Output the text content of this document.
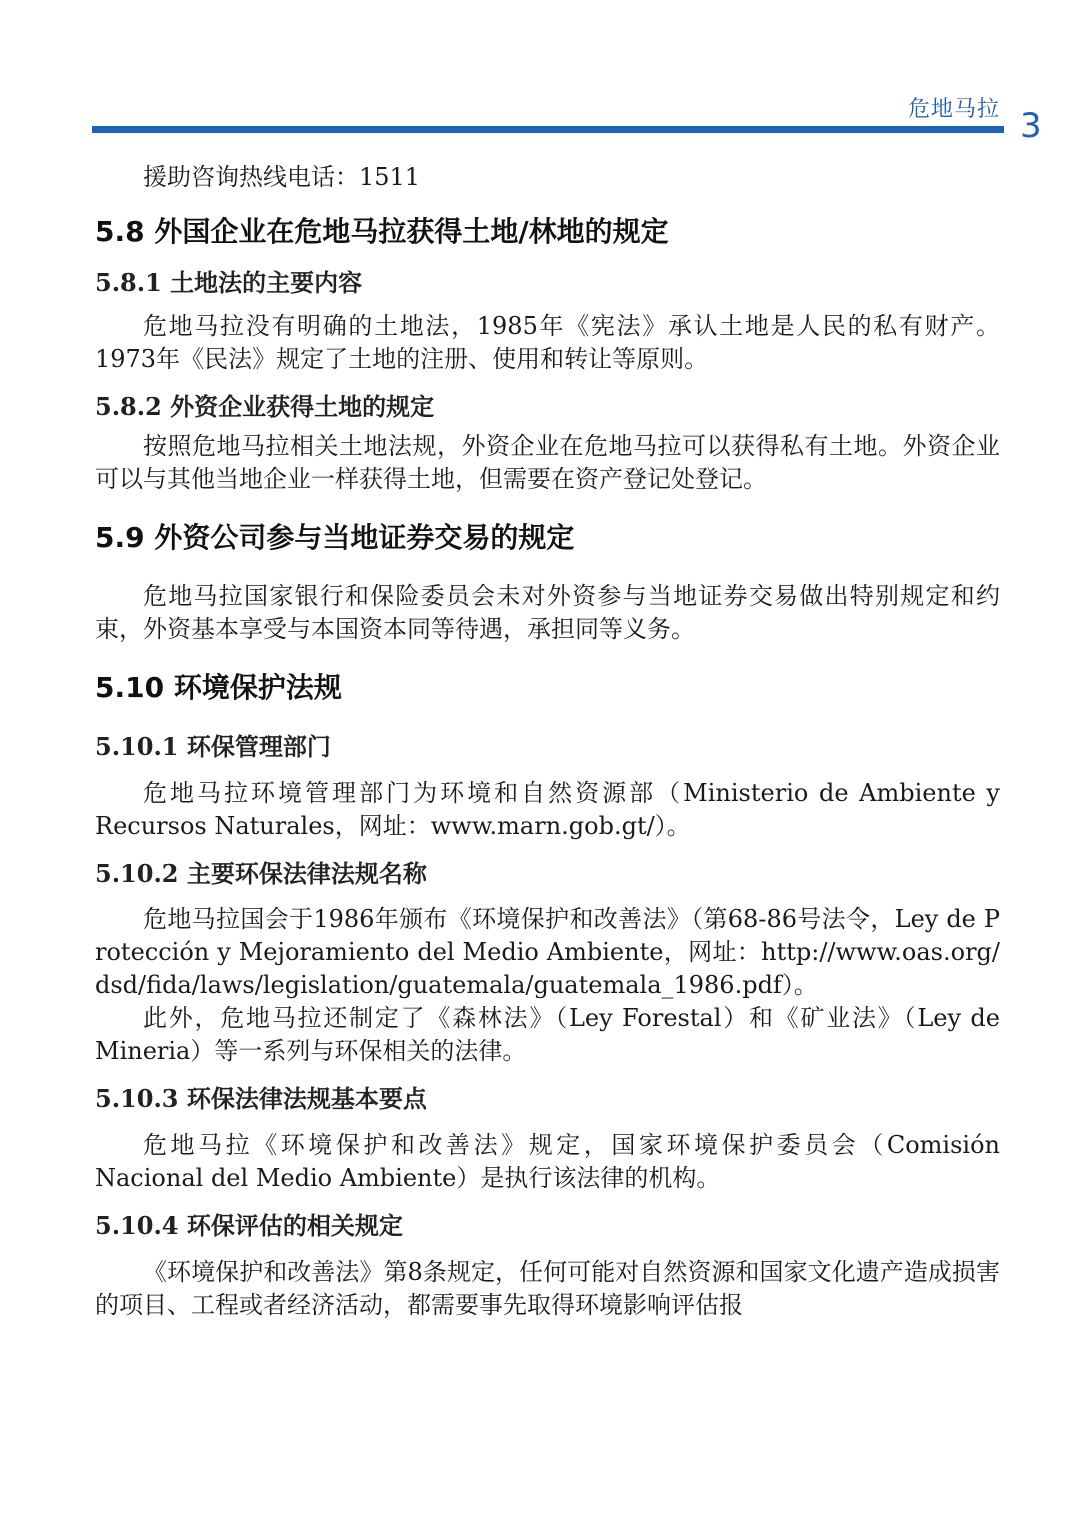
危地马拉 3

援助咨询热线电话：1511

5.8 外国企业在危地马拉获得土地/林地的规定
5.8.1 土地法的主要内容

危地马拉没有明确的土地法，1985年《宪法》承认土地是人民的私有财产。1973年《民法》规定了土地的注册、使用和转让等原则。

5.8.2 外资企业获得土地的规定

按照危地马拉相关土地法规，外资企业在危地马拉可以获得私有土地。外资企业可以与其他当地企业一样获得土地，但需要在资产登记处登记。

5.9 外资公司参与当地证券交易的规定

危地马拉国家银行和保险委员会未对外资参与当地证券交易做出特别规定和约束，外资基本享受与本国资本同等待遇，承担同等义务。

5.10 环境保护法规
5.10.1 环保管理部门

危地马拉环境管理部门为环境和自然资源部（Ministerio de Ambiente y Recursos Naturales，网址：www.marn.gob.gt/）。

5.10.2 主要环保法律法规名称

危地马拉国会于1986年颁布《环境保护和改善法》（第68-86号法令，Ley de Protección y Mejoramiento del Medio Ambiente，网址：http://www.oas.org/dsd/fida/laws/legislation/guatemala/guatemala_1986.pdf）。

此外，危地马拉还制定了《森林法》（Ley Forestal）和《矿业法》（Ley de Mineria）等一系列与环保相关的法律。

5.10.3 环保法律法规基本要点

危地马拉《环境保护和改善法》规定，国家环境保护委员会（Comisión Nacional del Medio Ambiente）是执行该法律的机构。

5.10.4 环保评估的相关规定

《环境保护和改善法》第8条规定，任何可能对自然资源和国家文化遗产造成损害的项目、工程或者经济活动，都需要事先取得环境影响评估报
